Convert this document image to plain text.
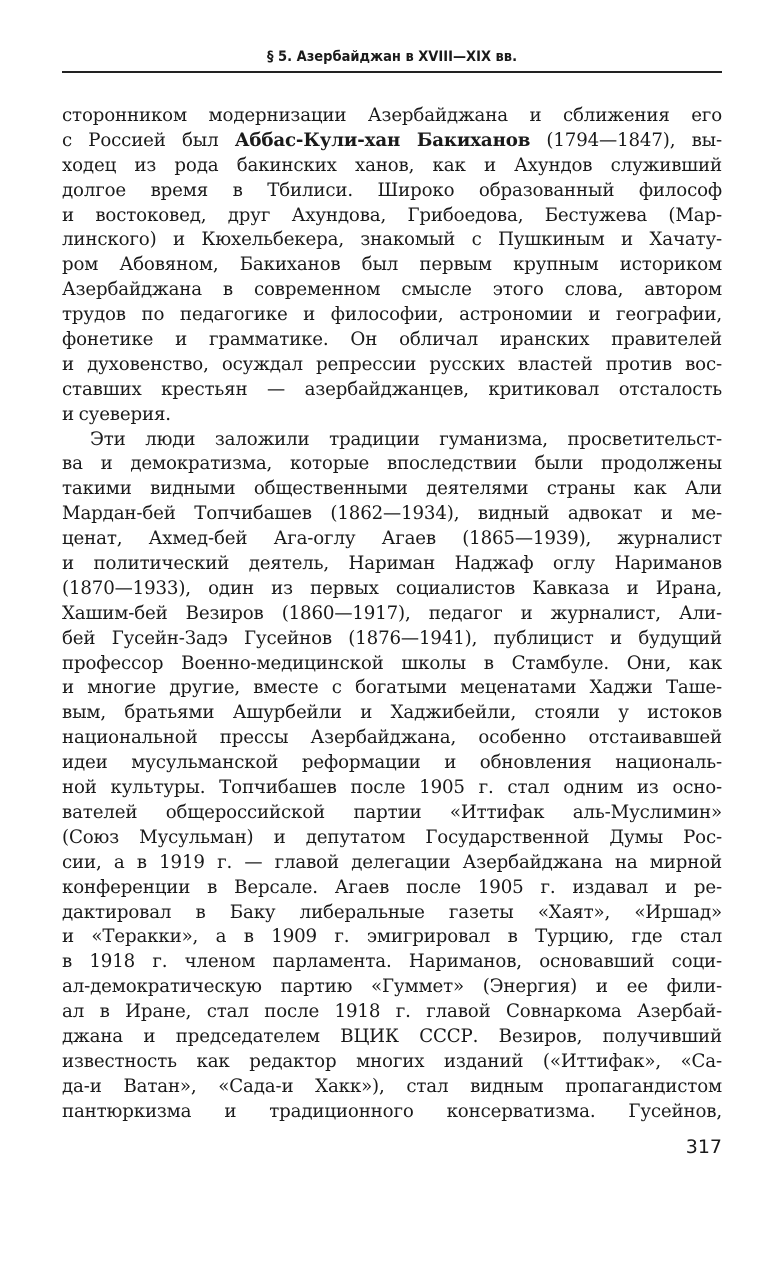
§ 5. Азербайджан в XVIII—XIX вв.
сторонником модернизации Азербайджана и сближения его
с Россией был Аббас-Кули-хан Бакиханов (1794—1847), вы-
ходец из рода бакинских ханов, как и Ахундов служивший
долгое время в Тбилиси. Широко образованный философ
и востоковед, друг Ахундова, Грибоедова, Бестужева (Мар-
линского) и Кюхельбекера, знакомый с Пушкиным и Хачату-
ром Абовяном, Бакиханов был первым крупным историком
Азербайджана в современном смысле этого слова, автором
трудов по педагогике и философии, астрономии и географии,
фонетике и грамматике. Он обличал иранских правителей
и духовенство, осуждал репрессии русских властей против вос-
ставших крестьян — азербайджанцев, критиковал отсталость
и суеверия.
Эти люди заложили традиции гуманизма, просветительст-
ва и демократизма, которые впоследствии были продолжены
такими видными общественными деятелями страны как Али
Мардан-бей Топчибашев (1862—1934), видный адвокат и ме-
ценат, Ахмед-бей Ага-оглу Агаев (1865—1939), журналист
и политический деятель, Нариман Наджаф оглу Нариманов
(1870—1933), один из первых социалистов Кавказа и Ирана,
Хашим-бей Везиров (1860—1917), педагог и журналист, Али-
бей Гусейн-Задэ Гусейнов (1876—1941), публицист и будущий
профессор Военно-медицинской школы в Стамбуле. Они, как
и многие другие, вместе с богатыми меценатами Хаджи Таше-
вым, братьями Ашурбейли и Хаджибейли, стояли у истоков
национальной прессы Азербайджана, особенно отстаивавшей
идеи мусульманской реформации и обновления националь-
ной культуры. Топчибашев после 1905 г. стал одним из осно-
вателей общероссийской партии «Иттифак аль-Муслимин»
(Союз Мусульман) и депутатом Государственной Думы Рос-
сии, а в 1919 г. — главой делегации Азербайджана на мирной
конференции в Версале. Агаев после 1905 г. издавал и ре-
дактировал в Баку либеральные газеты «Хаят», «Иршад»
и «Теракки», а в 1909 г. эмигрировал в Турцию, где стал
в 1918 г. членом парламента. Нариманов, основавший соци-
ал-демократическую партию «Гуммет» (Энергия) и ее фили-
ал в Иране, стал после 1918 г. главой Совнаркома Азербай-
джана и председателем ВЦИК СССР. Везиров, получивший
известность как редактор многих изданий («Иттифак», «Са-
да-и Ватан», «Сада-и Хакк»), стал видным пропагандистом
пантюркизма и традиционного консерватизма. Гусейнов,
317
